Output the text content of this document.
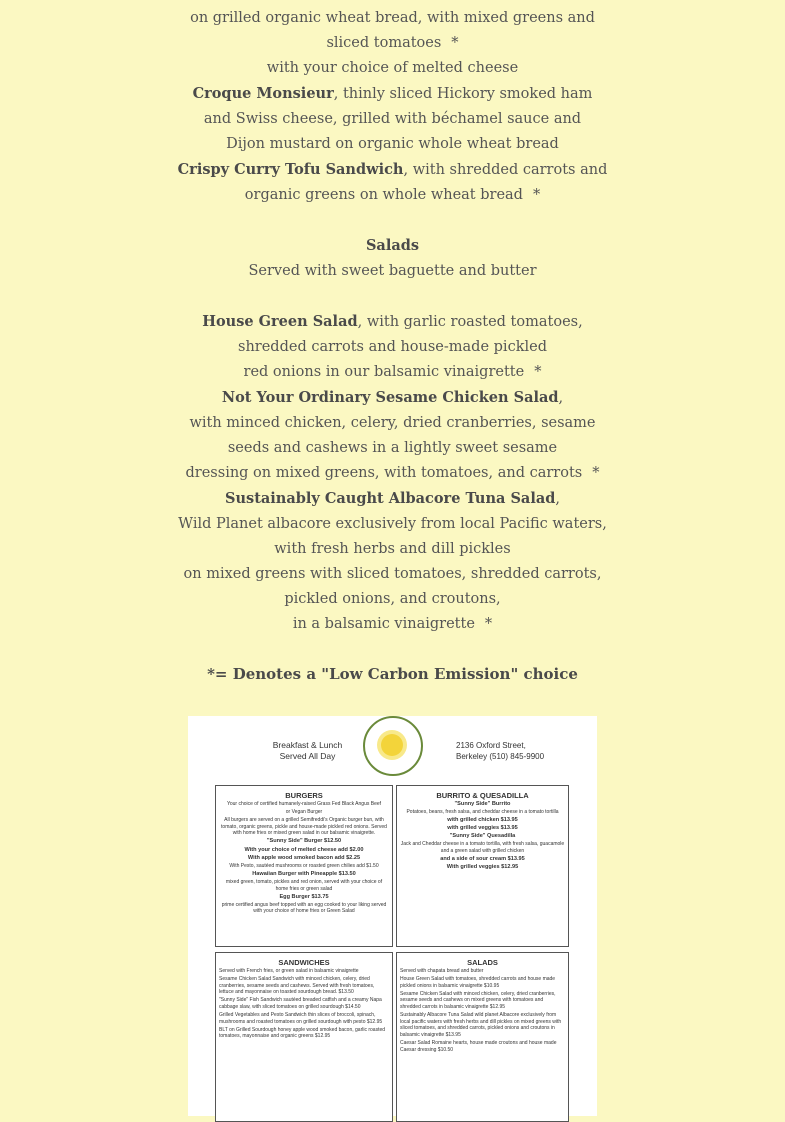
on grilled organic wheat bread, with mixed greens and
sliced tomatoes *
with your choice of melted cheese
Croque Monsieur, thinly sliced Hickory smoked ham
and Swiss cheese, grilled with béchamel sauce and
Dijon mustard on organic whole wheat bread
Crispy Curry Tofu Sandwich, with shredded carrots and
organic greens on whole wheat bread *
Salads
Served with sweet baguette and butter
House Green Salad, with garlic roasted tomatoes,
shredded carrots and house-made pickled
red onions in our balsamic vinaigrette *
Not Your Ordinary Sesame Chicken Salad,
with minced chicken, celery, dried cranberries, sesame
seeds and cashews in a lightly sweet sesame
dressing on mixed greens, with tomatoes, and carrots *
Sustainably Caught Albacore Tuna Salad,
Wild Planet albacore exclusively from local Pacific waters,
with fresh herbs and dill pickles
on mixed greens with sliced tomatoes, shredded carrots,
pickled onions, and croutons,
in a balsamic vinaigrette *
*= Denotes a "Low Carbon Emission" choice
Breakfast & Lunch Served All Day
2136 Oxford Street, Berkeley (510) 845-9900
BURGERS
Your choice of certified humanely-raised Grass Fed Black Angus Beef
or Vegan Burger
All burgers are served on a grilled Semifreddi's Organic burger bun, with tomato, organic greens, pickle and house-made pickled red onions. Served with home fries or mixed green salad in our balsamic vinaigrette.
"Sunny Side" Burger $12.50
With your choice of melted cheese add $2.00
With apple wood smoked bacon add $2.25
With Pesto, sautéed mushrooms or roasted green chilies add $1.50
Hawaiian Burger with Pineapple $13.50
mixed green, tomato, pickles and red onion, served with your choice of home fries or green salad
Egg Burger $13.75
prime certified angus beef topped with an egg cooked to your liking served with your choice of home fries or Green Salad
BURRITO & QUESADILLA
"Sunny Side" Burrito
Potatoes, beans, fresh salsa, and cheddar cheese in a tomato tortilla
with grilled chicken $13.95
with grilled veggies $13.95
"Sunny Side" Quesadilla
Jack and Cheddar cheese in a tomato tortilla, with fresh salsa, guacamole and a green salad with grilled chicken
and a side of sour cream $13.95
With grilled veggies $12.95
SANDWICHES
Served with French fries, or green salad in balsamic vinaigrette
Sesame Chicken Salad Sandwich with minced chicken, celery, dried cranberries, sesame seeds and cashews. Served with fresh tomatoes, lettuce and mayonnaise on toasted sourdough bread. $13.50
"Sunny Side" Fish Sandwich sautéed breaded catfish and a creamy Napa cabbage slaw, with sliced tomatoes on grilled sourdough $14.50
Grilled Vegetables and Pesto Sandwich thin slices of broccoli, spinach, mushrooms and roasted tomatoes on grilled sourdough with pesto $12.95
BLT on Grilled Sourdough honey apple wood smoked bacon, garlic roasted tomatoes, mayonnaise and organic greens $12.95
SALADS
Served with chapata bread and butter
House Green Salad with tomatoes, shredded carrots and house made pickled onions in balsamic vinaigrette $10.95
Sesame Chicken Salad with minced chicken, celery, dried cranberries, sesame seeds and cashews on mixed greens with tomatoes and shredded carrots in balsamic vinaigrette $12.95
Sustainably Albacore Tuna Salad wild planet Albacore exclusively from local pacific waters with fresh herbs and dill pickles on mixed greens with sliced tomatoes, and shredded carrots, pickled onions and croutons in balsamic vinaigrette $13.95
Caesar Salad Romaine hearts, house made croutons and house made Caesar dressing $10.50
